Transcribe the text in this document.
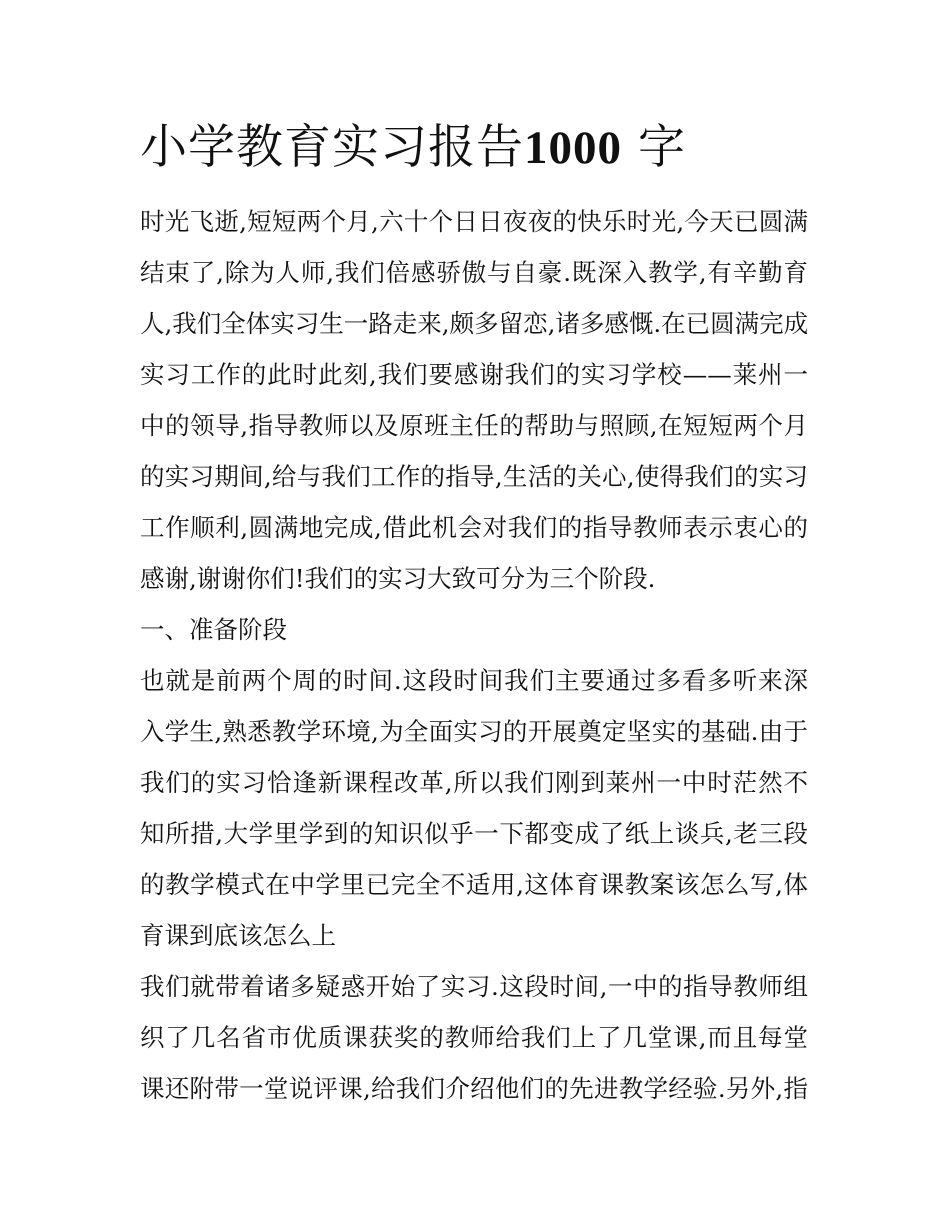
小学教育实习报告1000 字

时光飞逝,短短两个月,六十个日日夜夜的快乐时光,今天已圆满
结束了,除为人师,我们倍感骄傲与自豪.既深入教学,有辛勤育
人,我们全体实习生一路走来,颇多留恋,诸多感慨.在已圆满完成
实习工作的此时此刻,我们要感谢我们的实习学校——莱州一
中的领导,指导教师以及原班主任的帮助与照顾,在短短两个月
的实习期间,给与我们工作的指导,生活的关心,使得我们的实习
工作顺利,圆满地完成,借此机会对我们的指导教师表示衷心的
感谢,谢谢你们!我们的实习大致可分为三个阶段.

一、准备阶段

也就是前两个周的时间.这段时间我们主要通过多看多听来深
入学生,熟悉教学环境,为全面实习的开展奠定坚实的基础.由于
我们的实习恰逢新课程改革,所以我们刚到莱州一中时茫然不
知所措,大学里学到的知识似乎一下都变成了纸上谈兵,老三段
的教学模式在中学里已完全不适用,这体育课教案该怎么写,体
育课到底该怎么上

我们就带着诸多疑惑开始了实习.这段时间,一中的指导教师组
织了几名省市优质课获奖的教师给我们上了几堂课,而且每堂
课还附带一堂说评课,给我们介绍他们的先进教学经验.另外,指
